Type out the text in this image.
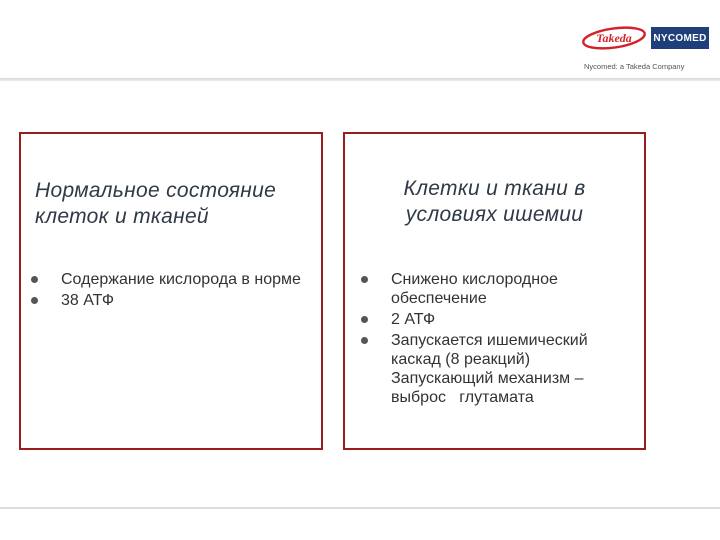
Takeda NYCOMED
Nycomed: a Takeda Company
Нормальное состояние
клеток и тканей
Содержание кислорода в норме
38 АТФ
Клетки и ткани в
условиях ишемии
Снижено кислородное обеспечение
2 АТФ
Запускается ишемический каскад (8 реакций)
Запускающий механизм – выброс   глутамата
